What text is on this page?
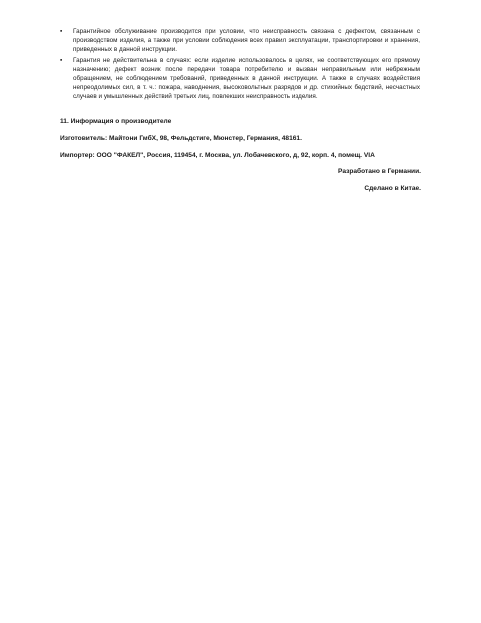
▪ Гарантийное обслуживание производится при условии, что неисправность связана с дефектом, связанным с производством изделия, а также при условии соблюдения всех правил эксплуатации, транспортировки и хранения, приведенных в данной инструкции.
▪ Гарантия не действительна в случаях: если изделие использовалось в целях, не соответствующих его прямому назначению; дефект возник после передачи товара потребителю и вызван неправильным или небрежным обращением, не соблюдением требований, приведенных в данной инструкции. А также в случаях воздействия непреодолимых сил, в т. ч.: пожара, наводнения, высоковольтных разрядов и др. стихийных бедствий, несчастных случаев и умышленных действий третьих лиц, повлекших неисправность изделия.

11. Информация о производителе

Изготовитель: Майтони ГмбХ, 98, Фельдстиге, Мюнстер, Германия, 48161.

Импортер: ООО "ФАКЕЛ", Россия, 119454, г. Москва, ул. Лобачевского, д, 92, корп. 4, помещ. VIA

Разработано в Германии.

Сделано в Китае.
